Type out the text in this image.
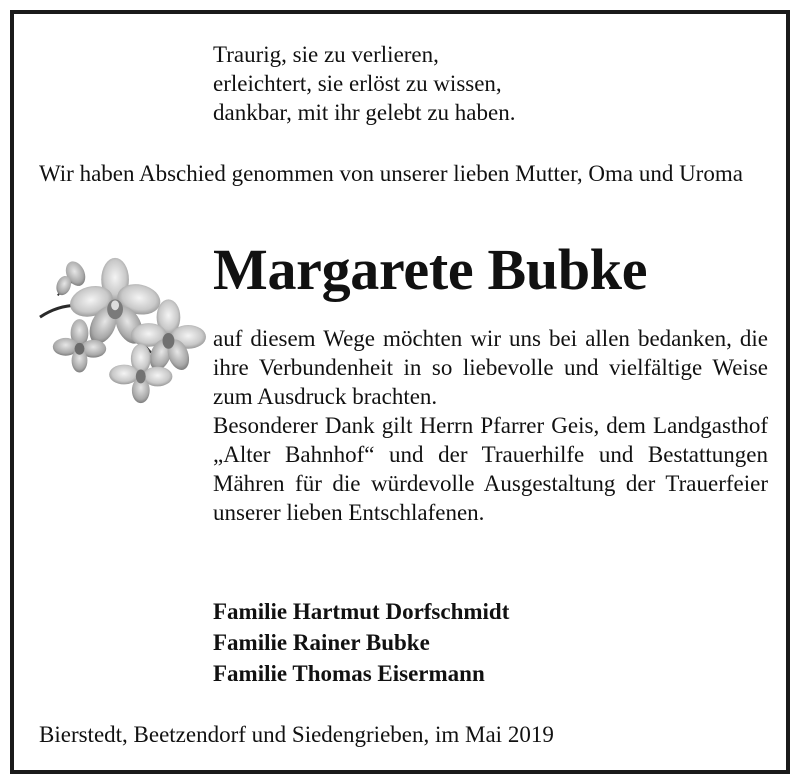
Traurig, sie zu verlieren,
erleichtert, sie erlöst zu wissen,
dankbar, mit ihr gelebt zu haben.
Wir haben Abschied genommen von unserer lieben Mutter, Oma und Uroma
Margarete Bubke

auf diesem Wege möchten wir uns bei allen bedanken, die ihre Verbundenheit in so liebevolle und vielfältige Weise zum Ausdruck brachten.

Besonderer Dank gilt Herrn Pfarrer Geis, dem Landgasthof „Alter Bahnhof“ und der Trauerhilfe und Bestattungen Mähren für die würdevolle Ausgestaltung der Trauerfeier unserer lieben Entschlafenen.

Familie Hartmut Dorfschmidt
Familie Rainer Bubke
Familie Thomas Eisermann
Bierstedt, Beetzendorf und Siedengrieben, im Mai 2019
